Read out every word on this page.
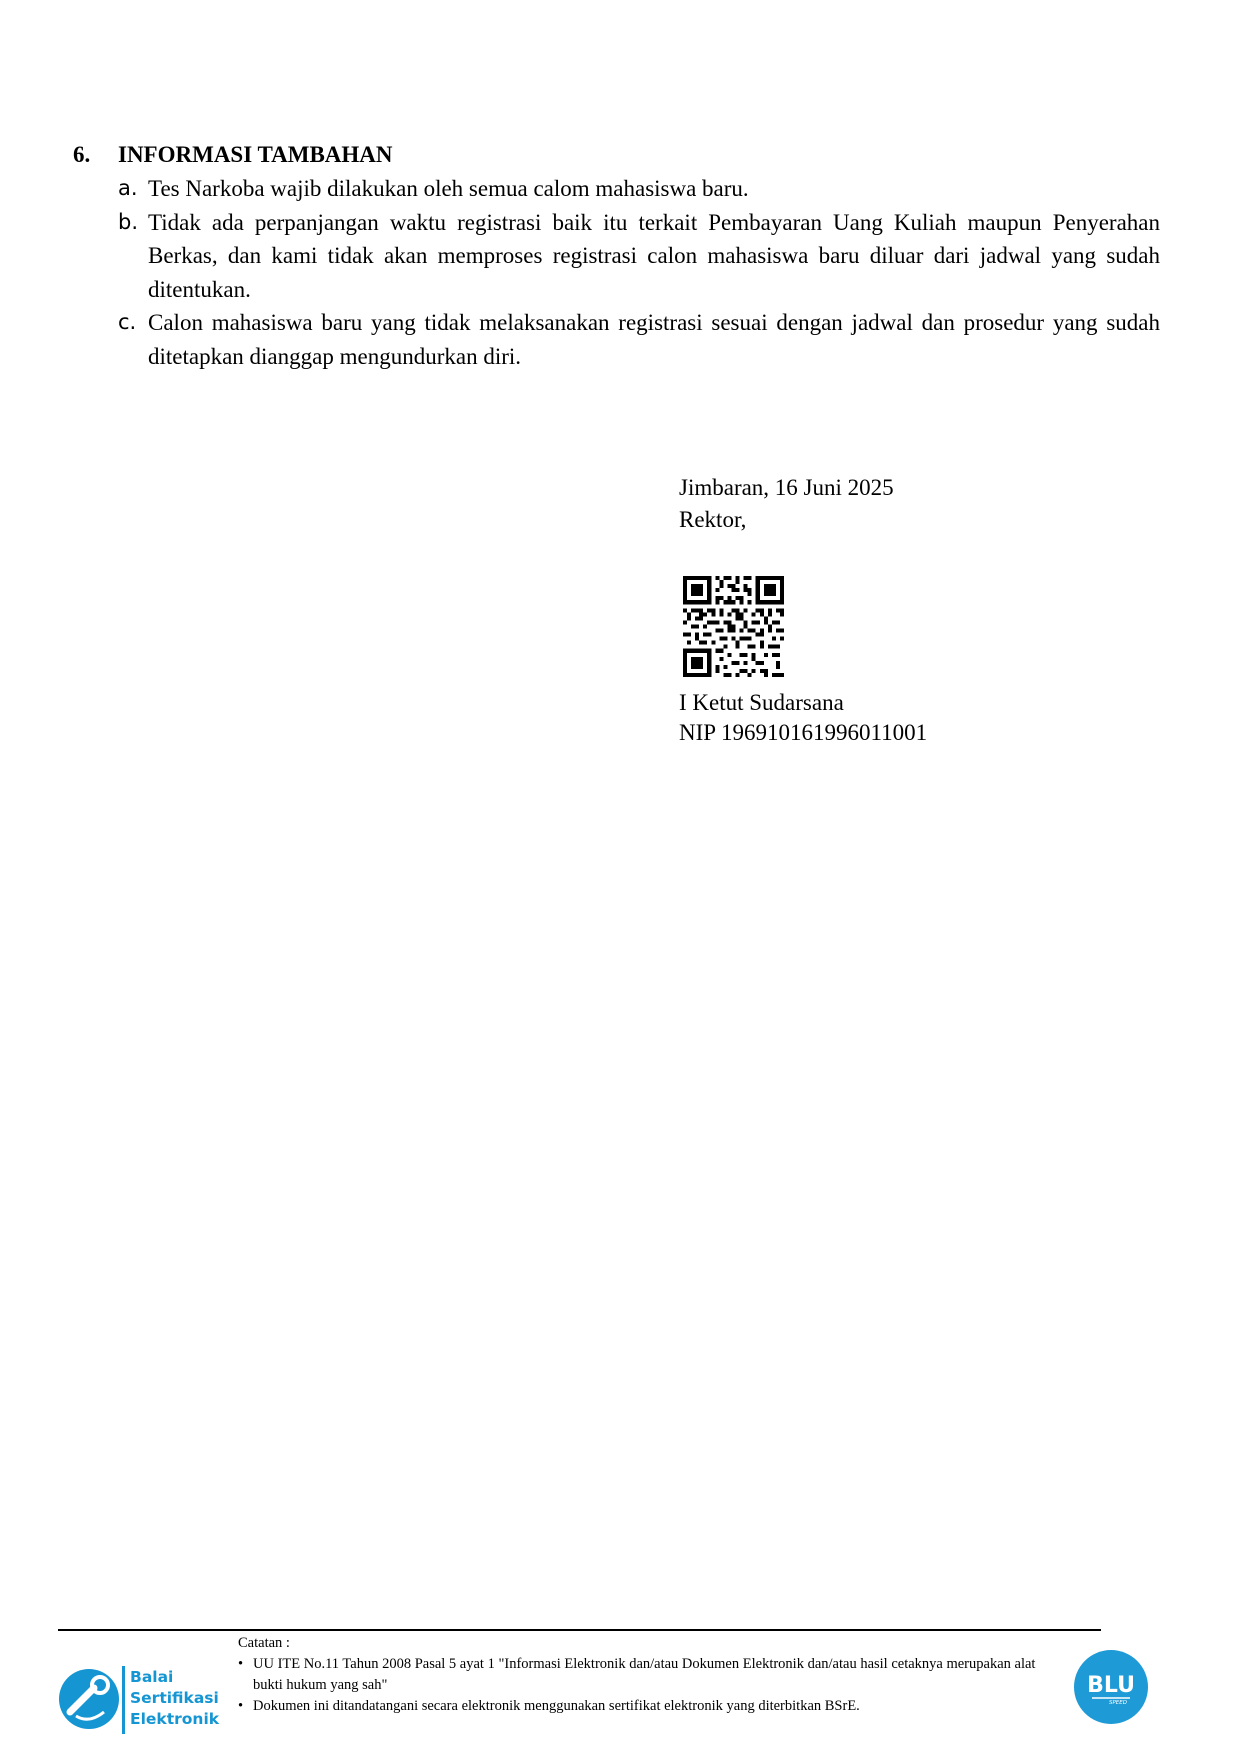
6. INFORMASI TAMBAHAN
a. Tes Narkoba wajib dilakukan oleh semua calom mahasiswa baru.
b. Tidak ada perpanjangan waktu registrasi baik itu terkait Pembayaran Uang Kuliah maupun Penyerahan Berkas, dan kami tidak akan memproses registrasi calon mahasiswa baru diluar dari jadwal yang sudah ditentukan.
c. Calon mahasiswa baru yang tidak melaksanakan registrasi sesuai dengan jadwal dan prosedur yang sudah ditetapkan dianggap mengundurkan diri.
Jimbaran, 16 Juni 2025
Rektor,
I Ketut Sudarsana
NIP 196910161996011001
Balai
Sertifikasi
Elektronik
Catatan :
• UU ITE No.11 Tahun 2008 Pasal 5 ayat 1 "Informasi Elektronik dan/atau Dokumen Elektronik dan/atau hasil cetaknya merupakan alat bukti hukum yang sah"
• Dokumen ini ditandatangani secara elektronik menggunakan sertifikat elektronik yang diterbitkan BSrE.
BLU
SPEED
